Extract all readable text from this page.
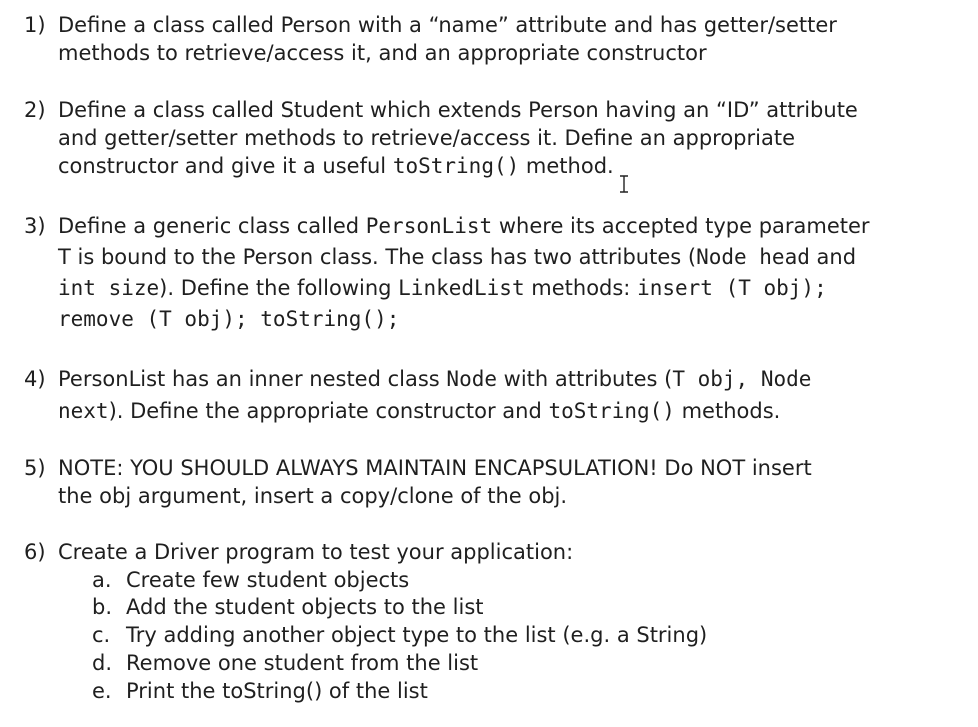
1) Define a class called Person with a “name” attribute and has getter/setter
methods to retrieve/access it, and an appropriate constructor
2) Define a class called Student which extends Person having an “ID” attribute
and getter/setter methods to retrieve/access it. Define an appropriate
constructor and give it a useful toString() method.
3) Define a generic class called PersonList where its accepted type parameter
T is bound to the Person class. The class has two attributes (Node head and
int size). Define the following LinkedList methods: insert (T obj);
remove (T obj); toString();
4) PersonList has an inner nested class Node with attributes (T obj, Node
next). Define the appropriate constructor and toString() methods.
5) NOTE: YOU SHOULD ALWAYS MAINTAIN ENCAPSULATION! Do NOT insert
the obj argument, insert a copy/clone of the obj.
6) Create a Driver program to test your application:
a. Create few student objects
b. Add the student objects to the list
c. Try adding another object type to the list (e.g. a String)
d. Remove one student from the list
e. Print the toString() of the list
